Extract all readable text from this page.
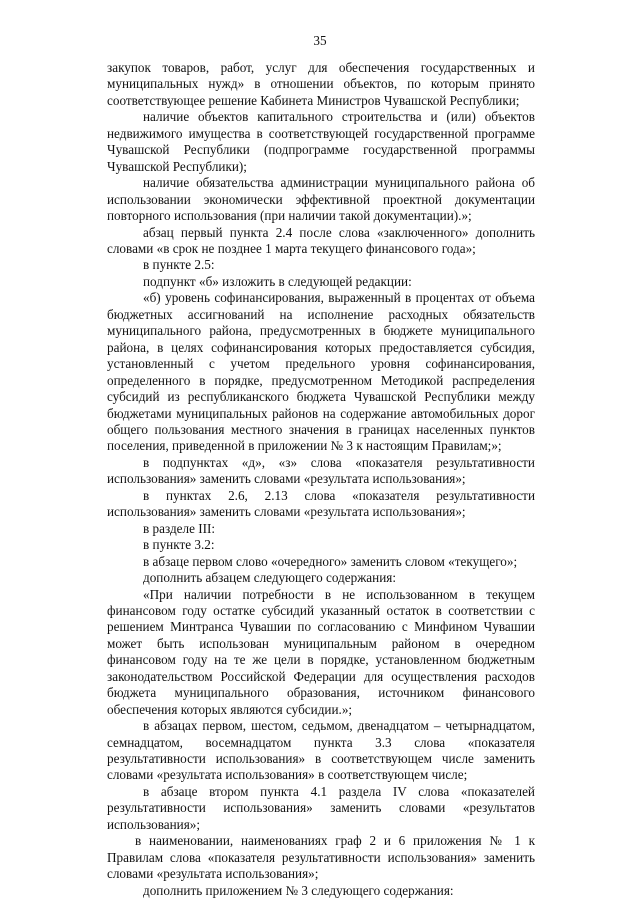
35

закупок товаров, работ, услуг для обеспечения государственных и муниципальных нужд» в отношении объектов, по которым принято соответствующее решение Кабинета Министров Чувашской Республики;

наличие объектов капитального строительства и (или) объектов недвижимого имущества в соответствующей государственной программе Чувашской Республики (подпрограмме государственной программы Чувашской Республики);

наличие обязательства администрации муниципального района об использовании экономически эффективной проектной документации повторного использования (при наличии такой документации).»;

абзац первый пункта 2.4 после слова «заключенного» дополнить словами «в срок не позднее 1 марта текущего финансового года»;

в пункте 2.5:

подпункт «б» изложить в следующей редакции:

«б) уровень софинансирования, выраженный в процентах от объема бюджетных ассигнований на исполнение расходных обязательств муниципального района, предусмотренных в бюджете муниципального района, в целях софинансирования которых предоставляется субсидия, установленный с учетом предельного уровня софинансирования, определенного в порядке, предусмотренном Методикой распределения субсидий из республиканского бюджета Чувашской Республики между бюджетами муниципальных районов на содержание автомобильных дорог общего пользования местного значения в границах населенных пунктов поселения, приведенной в приложении № 3 к настоящим Правилам;»;

в подпунктах «д», «з» слова «показателя результативности использования» заменить словами «результата использования»;

в пунктах 2.6, 2.13 слова «показателя результативности использования» заменить словами «результата использования»;

в разделе III:

в пункте 3.2:

в абзаце первом слово «очередного» заменить словом «текущего»;

дополнить абзацем следующего содержания:

«При наличии потребности в не использованном в текущем финансовом году остатке субсидий указанный остаток в соответствии с решением Минтранса Чувашии по согласованию с Минфином Чувашии может быть использован муниципальным районом в очередном финансовом году на те же цели в порядке, установленном бюджетным законодательством Российской Федерации для осуществления расходов бюджета муниципального образования, источником финансового обеспечения которых являются субсидии.»;

в абзацах первом, шестом, седьмом, двенадцатом – четырнадцатом, семнадцатом, восемнадцатом пункта 3.3 слова «показателя результативности использования» в соответствующем числе заменить словами «результата использования» в соответствующем числе;

в абзаце втором пункта 4.1 раздела IV слова «показателей результативности использования» заменить словами «результатов использования»;

в наименовании, наименованиях граф 2 и 6 приложения № 1 к Правилам слова «показателя результативности использования» заменить словами «результата использования»;

дополнить приложением № 3 следующего содержания:
